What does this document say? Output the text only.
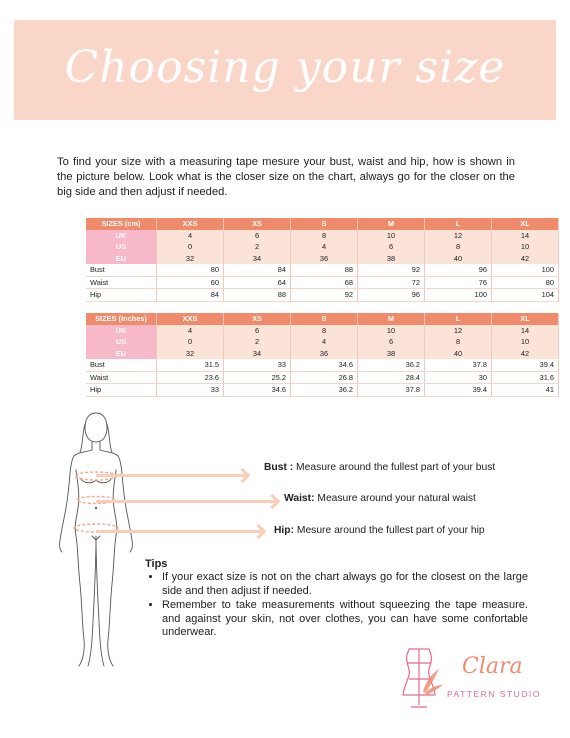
Choosing your size
To find your size with a measuring tape mesure your bust, waist and hip, how is shown in the picture below. Look what is the closer size on the chart, always go for the closer on the big side and then adjust if needed.
SIZES (cm)	XXS	XS	S	M	L	XL
UK	4	6	8	10	12	14
US	0	2	4	6	8	10
EU	32	34	36	38	40	42
Bust	80	84	88	92	96	100
Waist	60	64	68	72	76	80
Hip	84	88	92	96	100	104
SIZES (Inches)	XXS	XS	S	M	L	XL
UK	4	6	8	10	12	14
US	0	2	4	6	8	10
EU	32	34	36	38	40	42
Bust	31.5	33	34.6	36.2	37.8	39.4
Waist	23.6	25.2	26.8	28.4	30	31.6
Hip	33	34.6	36.2	37.8	39.4	41
Bust : Measure around the fullest part of your bust
Waist: Measure around your natural waist
Hip: Mesure around the fullest part of your hip
Tips
• If your exact size is not on the chart always go for the closest on the large side and then adjust if needed.
• Remember to take measurements without squeezing the tape measure. and against your skin, not over clothes, you can have some confortable underwear.
Clara
PATTERN STUDIO
